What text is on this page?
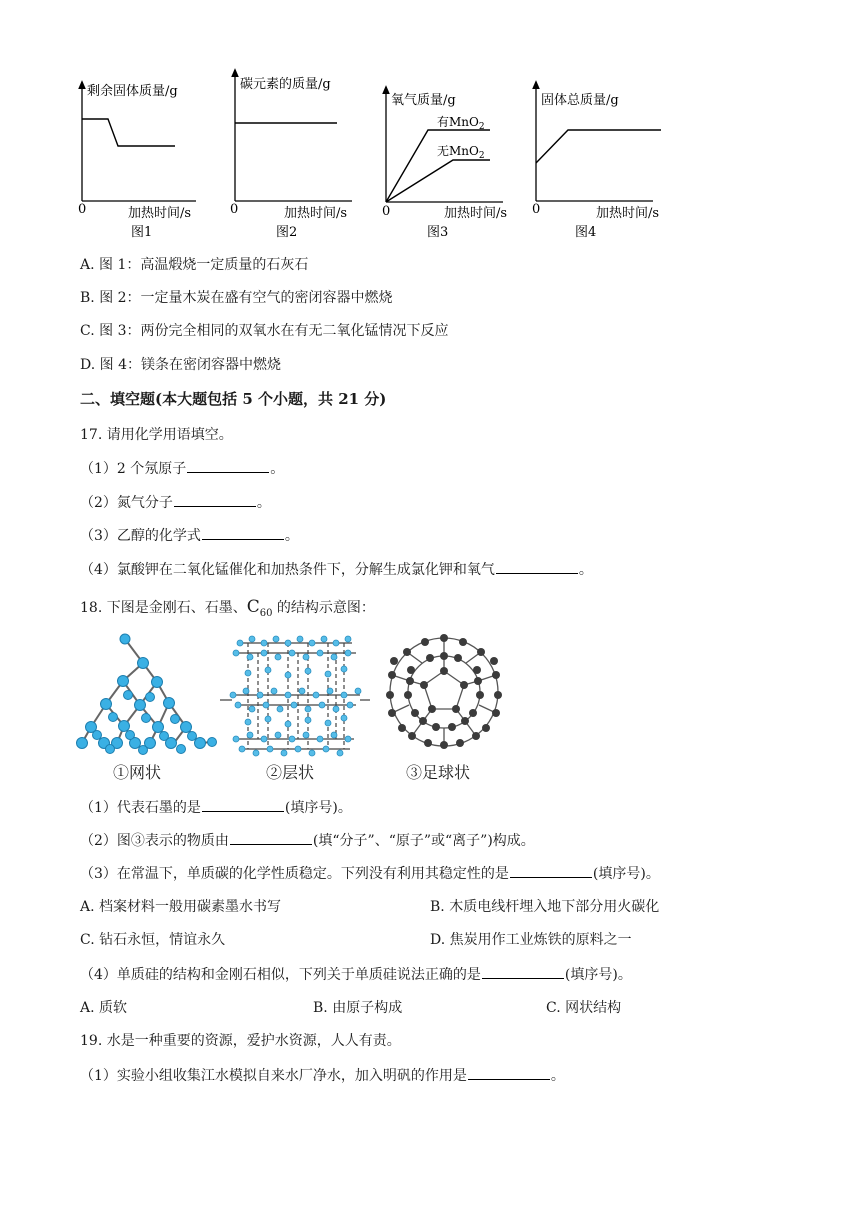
剩余固体质量/g
0	加热时间/s
图1
碳元素的质量/g
0	加热时间/s
图2
氧气质量/g
有MnO$_2$
无MnO$_2$
0	加热时间/s
图3
固体总质量/g
0	加热时间/s
图4
A. 图 1：高温煅烧一定质量的石灰石
B. 图 2：一定量木炭在盛有空气的密闭容器中燃烧
C. 图 3：两份完全相同的双氧水在有无二氧化锰情况下反应
D. 图 4：镁条在密闭容器中燃烧
二、填空题(本大题包括 5 个小题，共 21 分)
17. 请用化学用语填空。
（1）2 个氖原子	。
（2）氮气分子	。
（3）乙醇的化学式	。
（4）氯酸钾在二氧化锰催化和加热条件下，分解生成氯化钾和氧气	。
18. 下图是金刚石、石墨、$C_{60}$ 的结构示意图：
①网状	②层状	③足球状
（1）代表石墨的是	(填序号)。
（2）图③表示的物质由	(填“分子”、“原子”或“离子”)构成。
（3）在常温下，单质碳的化学性质稳定。下列没有利用其稳定性的是	(填序号)。
A. 档案材料一般用碳素墨水书写	B. 木质电线杆埋入地下部分用火碳化
C. 钻石永恒，情谊永久	D. 焦炭用作工业炼铁的原料之一
（4）单质硅的结构和金刚石相似，下列关于单质硅说法正确的是	(填序号)。
A. 质软	B. 由原子构成	C. 网状结构
19. 水是一种重要的资源，爱护水资源，人人有责。
（1）实验小组收集江水模拟自来水厂净水，加入明矾的作用是	。
